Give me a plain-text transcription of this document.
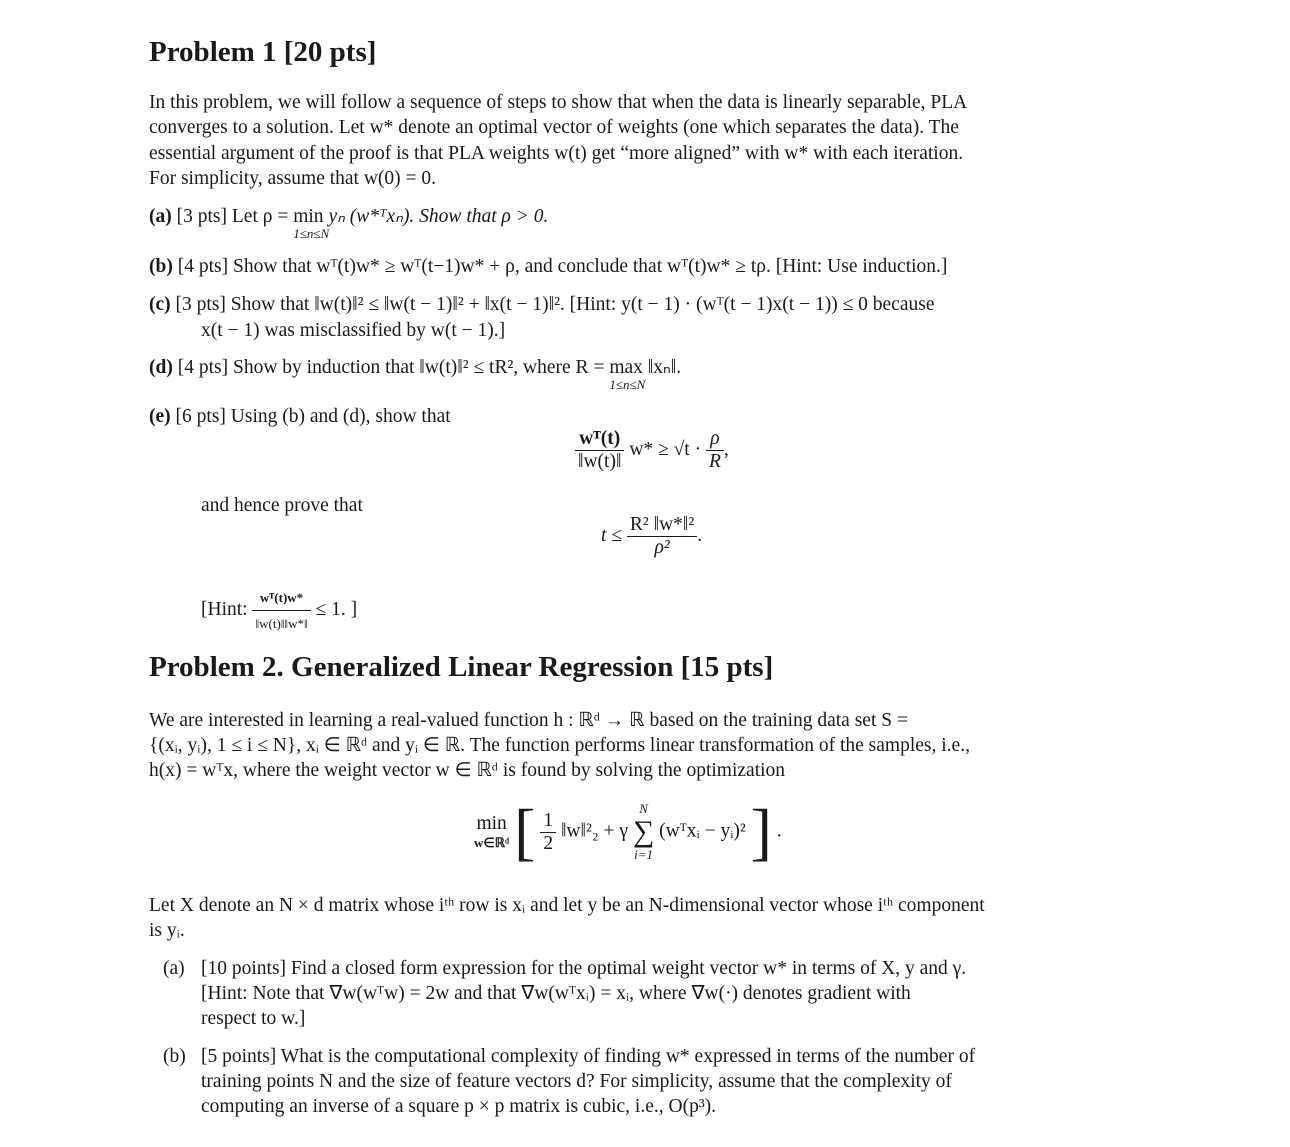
Problem 1 [20 pts]
In this problem, we will follow a sequence of steps to show that when the data is linearly separable, PLA
converges to a solution. Let w* denote an optimal vector of weights (one which separates the data). The
essential argument of the proof is that PLA weights w(t) get “more aligned” with w* with each iteration.
For simplicity, assume that w(0) = 0.
(a) [3 pts] Let ρ = min
1≤n≤N
yₙ (w*ᵀxₙ). Show that ρ > 0.
(b) [4 pts] Show that wᵀ(t)w* ≥ wᵀ(t−1)w* + ρ, and conclude that wᵀ(t)w* ≥ tρ. [Hint: Use induction.]
(c) [3 pts] Show that ‖w(t)‖² ≤ ‖w(t − 1)‖² + ‖x(t − 1)‖². [Hint: y(t − 1) · (wᵀ(t − 1)x(t − 1)) ≤ 0 because
x(t − 1) was misclassified by w(t − 1).]
(d) [4 pts] Show by induction that ‖w(t)‖² ≤ tR², where R = max
1≤n≤N
‖xₙ‖.
(e) [6 pts] Using (b) and (d), show that
$\frac{\text{wᵀ(t)}}{‖w(t)‖} w* \ge √t \cdot \frac{\rho}{R}$ ,
and hence prove that
$t \le \frac{\text{R² ‖w*‖²}}{\text{ρ²}}$ .
[Hint: $\frac{\text{wᵀ(t)w*}}{‖w(t)‖‖w*‖} \le 1$. ]
Problem 2. Generalized Linear Regression [15 pts]
We are interested in learning a real-valued function h : ℝᵈ → ℝ based on the training data set S =
{(xᵢ, yᵢ), 1 ≤ i ≤ N}, xᵢ ∈ ℝᵈ and yᵢ ∈ ℝ. The function performs linear transformation of the samples, i.e.,
h(x) = wᵀx, where the weight vector w ∈ ℝᵈ is found by solving the optimization
min
w∈ℝᵈ [ $\frac{1}{2}$ ‖w‖²₂ + γ
N
∑
i=1
(wᵀxᵢ − yᵢ)² ] .
Let X denote an N × d matrix whose iᵗʰ row is xᵢ and let y be an N-dimensional vector whose iᵗʰ component
is yᵢ.
(a) [10 points] Find a closed form expression for the optimal weight vector w* in terms of X, y and γ.
[Hint: Note that ∇w(wᵀw) = 2w and that ∇w(wᵀxᵢ) = xᵢ, where ∇w(·) denotes gradient with
respect to w.]
(b) [5 points] What is the computational complexity of finding w* expressed in terms of the number of
training points N and the size of feature vectors d? For simplicity, assume that the complexity of
computing an inverse of a square p × p matrix is cubic, i.e., O(p³).
